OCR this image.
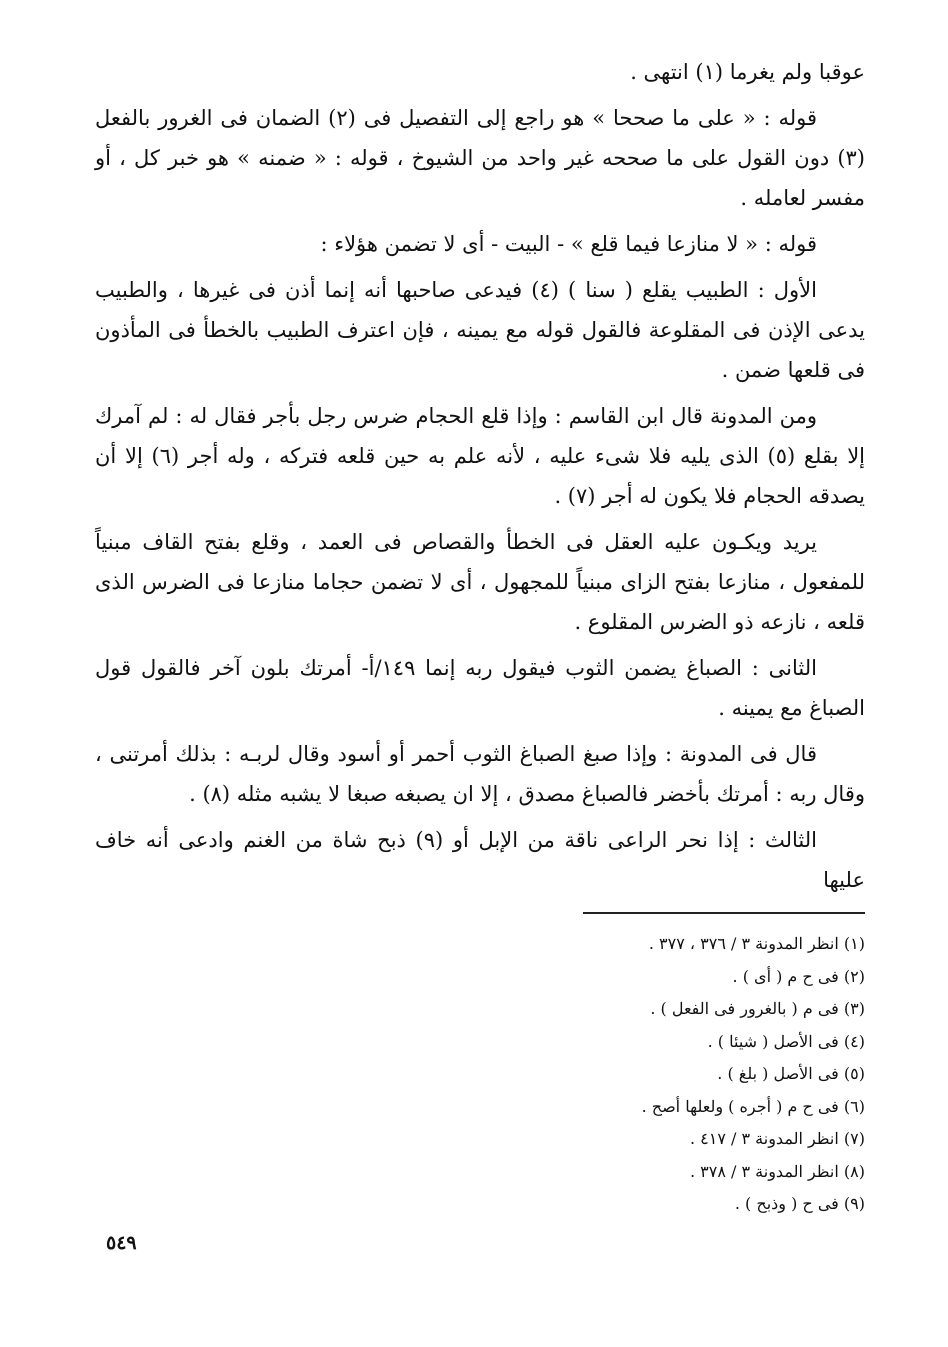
عوقبا ولم يغرما (١) انتهى .

قوله : « على ما صححا » هو راجع إلى التفصيل فى (٢) الضمان فى الغرور بالفعل (٣) دون القول على ما صححه غير واحد من الشيوخ ، قوله : « ضمنه » هو خبر كل ، أو مفسر لعامله .

قوله : « لا منازعا فيما قلع » - البيت - أى لا تضمن هؤلاء :

الأول : الطبيب يقلع ( سنا ) (٤) فيدعى صاحبها أنه إنما أذن فى غيرها ، والطبيب يدعى الإذن فى المقلوعة فالقول قوله مع يمينه ، فإن اعترف الطبيب بالخطأ فى المأذون فى قلعها ضمن .

ومن المدونة قال ابن القاسم : وإذا قلع الحجام ضرس رجل بأجر فقال له : لم آمرك إلا بقلع (٥) الذى يليه فلا شىء عليه ، لأنه علم به حين قلعه فتركه ، وله أجر (٦) إلا أن يصدقه الحجام فلا يكون له أجر (٧) .

يريد ويكـون عليه العقل فى الخطأ والقصاص فى العمد ، وقلع بفتح القاف مبنياً للمفعول ، منازعا بفتح الزاى مبنياً للمجهول ، أى لا تضمن حجاما منازعا فى الضرس الذى قلعه ، نازعه ذو الضرس المقلوع .

الثانى : الصباغ يضمن الثوب فيقول ربه إنما ١٤٩/أ- أمرتك بلون آخر فالقول قول الصباغ مع يمينه .

قال فى المدونة : وإذا صبغ الصباغ الثوب أحمر أو أسود وقال لربـه : بذلك أمرتنى ، وقال ربه : أمرتك بأخضر فالصباغ مصدق ، إلا ان يصبغه صبغا لا يشبه مثله (٨) .

الثالث : إذا نحر الراعى ناقة من الإبل أو (٩) ذبح شاة من الغنم وادعى أنه خاف عليها

(١) انظر المدونة ٣ / ٣٧٦ ، ٣٧٧ .
(٢) فى ح م ( أى ) .
(٣) فى م ( بالغرور فى الفعل ) .
(٤) فى الأصل ( شيئا ) .
(٥) فى الأصل ( بلغ ) .
(٦) فى ح م ( أجره ) ولعلها أصح .
(٧) انظر المدونة ٣ / ٤١٧ .
(٨) انظر المدونة ٣ / ٣٧٨ .
(٩) فى ح ( وذبح ) .
٥٤٩
